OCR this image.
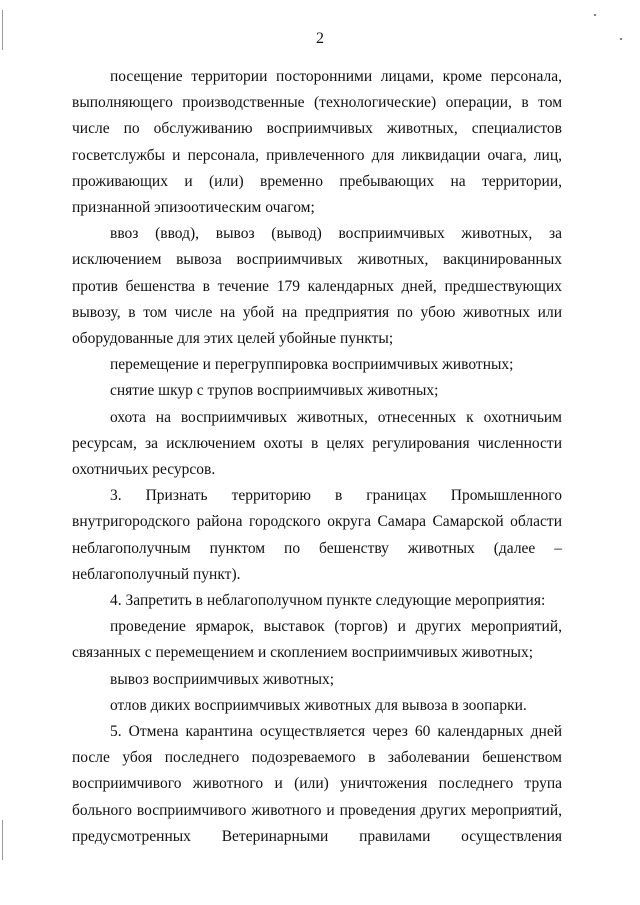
2

посещение территории посторонними лицами, кроме персонала, выполняющего производственные (технологические) операции, в том числе по обслуживанию восприимчивых животных, специалистов госветслужбы и персонала, привлеченного для ликвидации очага, лиц, проживающих и (или) временно пребывающих на территории, признанной эпизоотическим очагом;

ввоз (ввод), вывоз (вывод) восприимчивых животных, за исключением вывоза восприимчивых животных, вакцинированных против бешенства в течение 179 календарных дней, предшествующих вывозу, в том числе на убой на предприятия по убою животных или оборудованные для этих целей убойные пункты;

перемещение и перегруппировка восприимчивых животных;

снятие шкур с трупов восприимчивых животных;

охота на восприимчивых животных, отнесенных к охотничьим ресурсам, за исключением охоты в целях регулирования численности охотничьих ресурсов.

3. Признать территорию в границах Промышленного внутригородского района городского округа Самара Самарской области неблагополучным пунктом по бешенству животных (далее – неблагополучный пункт).

4. Запретить в неблагополучном пункте следующие мероприятия:

проведение ярмарок, выставок (торгов) и других мероприятий, связанных с перемещением и скоплением восприимчивых животных;

вывоз восприимчивых животных;

отлов диких восприимчивых животных для вывоза в зоопарки.

5. Отмена карантина осуществляется через 60 календарных дней после убоя последнего подозреваемого в заболевании бешенством восприимчивого животного и (или) уничтожения последнего трупа больного восприимчивого животного и проведения других мероприятий, предусмотренных Ветеринарными правилами осуществления
